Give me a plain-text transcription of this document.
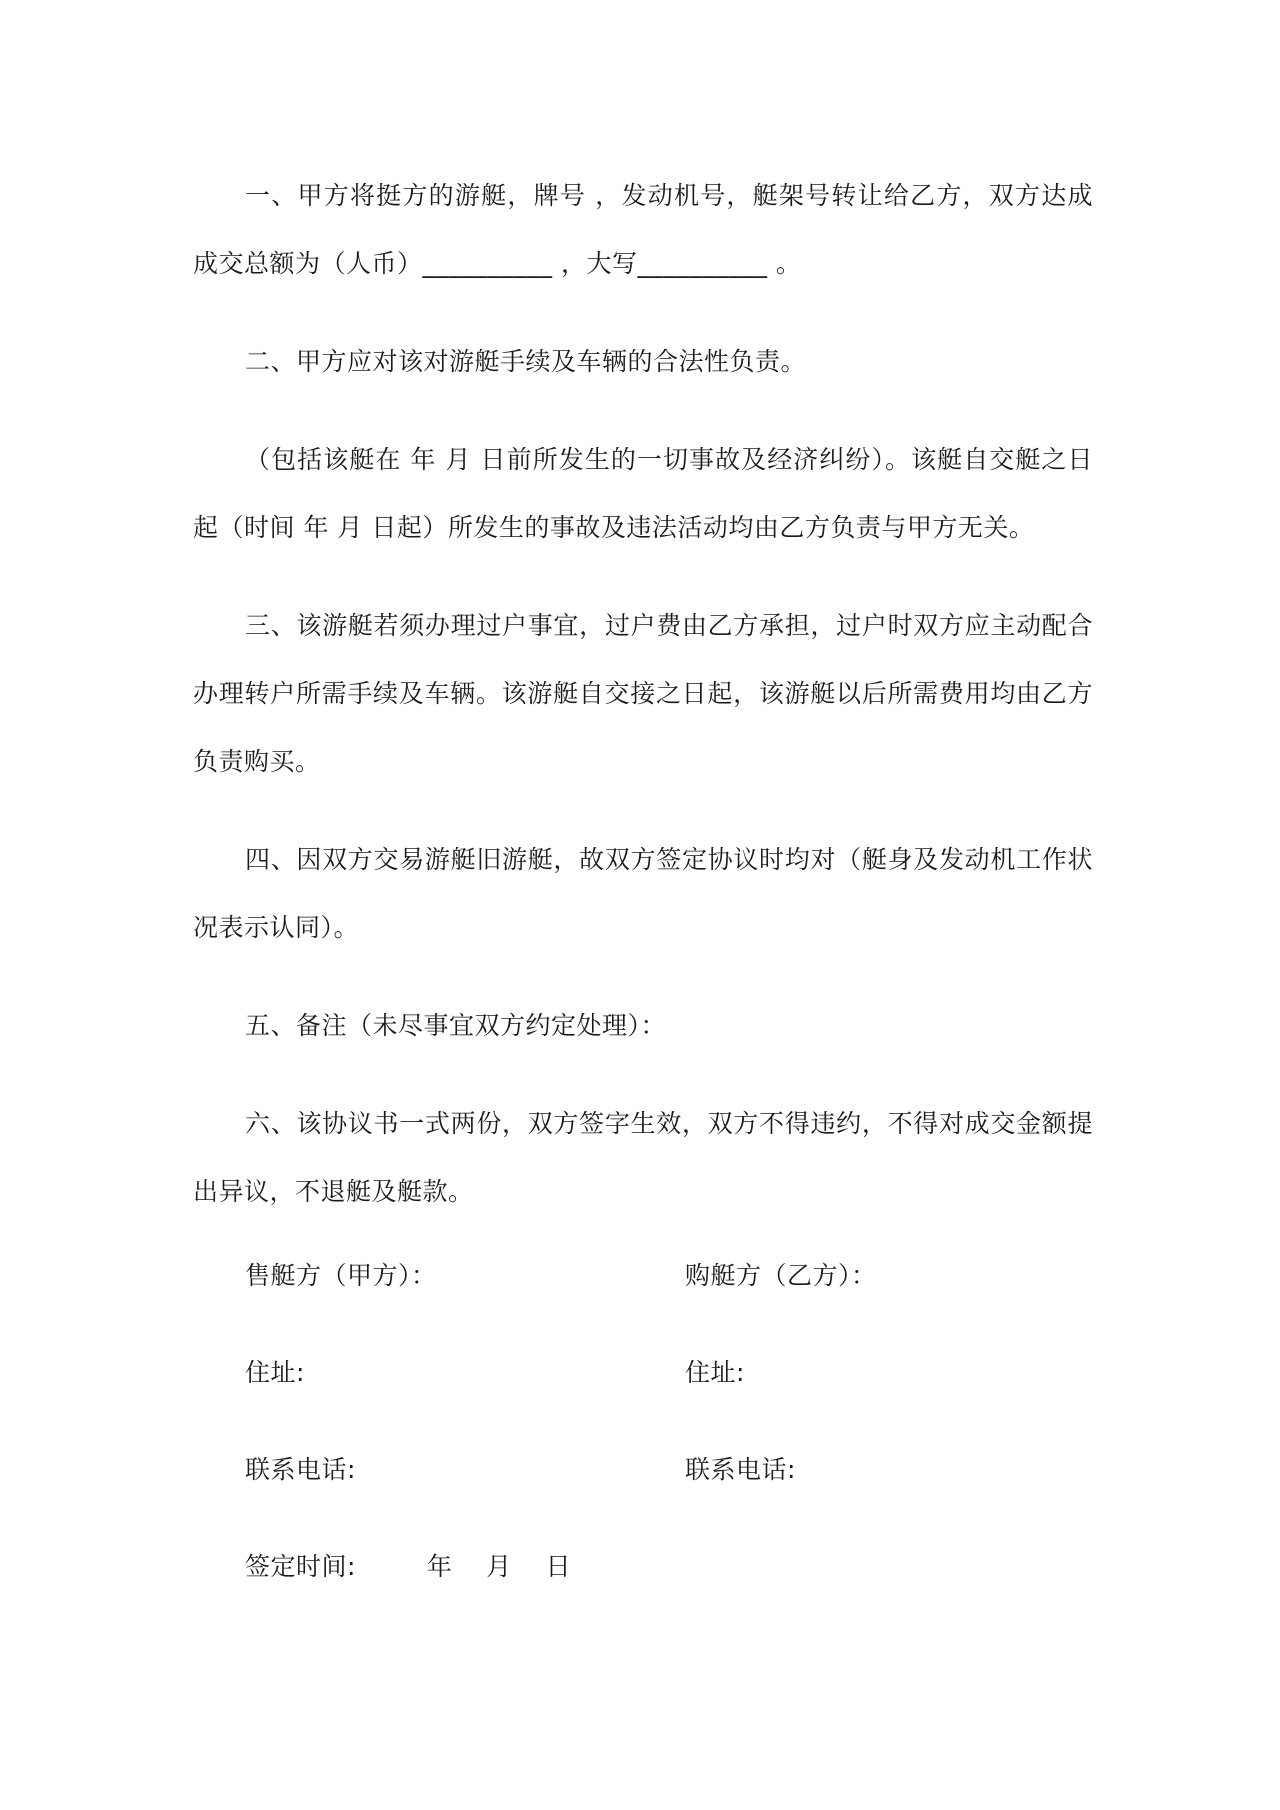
一、甲方将挺方的游艇，牌号 ，发动机号，艇架号转让给乙方，双方达成成交总额为（人币）__________ ，大写__________ 。

二、甲方应对该对游艇手续及车辆的合法性负责。

（包括该艇在 年 月 日前所发生的一切事故及经济纠纷）。该艇自交艇之日起（时间 年 月 日起）所发生的事故及违法活动均由乙方负责与甲方无关。

三、该游艇若须办理过户事宜，过户费由乙方承担，过户时双方应主动配合办理转户所需手续及车辆。该游艇自交接之日起，该游艇以后所需费用均由乙方负责购买。

四、因双方交易游艇旧游艇，故双方签定协议时均对（艇身及发动机工作状况表示认同）。

五、备注（未尽事宜双方约定处理）：

六、该协议书一式两份，双方签字生效，双方不得违约，不得对成交金额提出异议，不退艇及艇款。

售艇方（甲方）：	购艇方（乙方）：
住址:	住址:
联系电话:	联系电话:
签定时间:	年    月    日
